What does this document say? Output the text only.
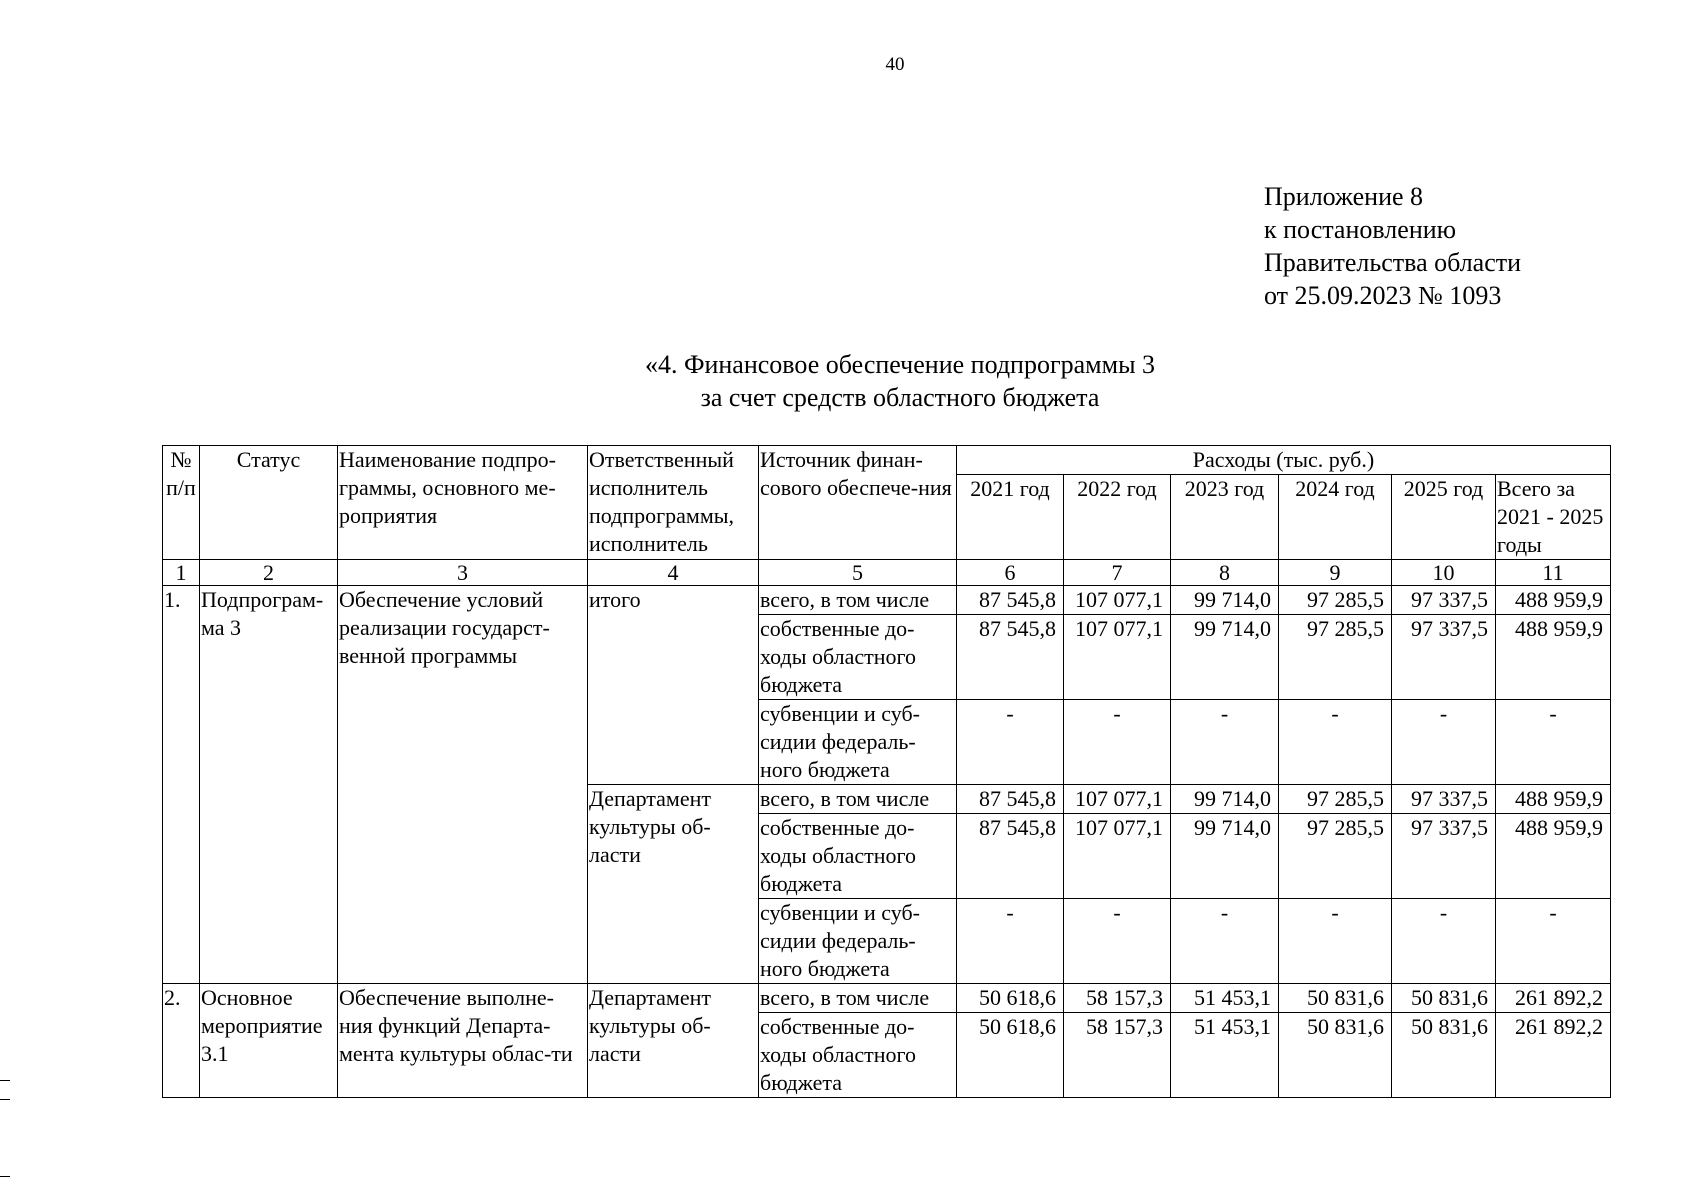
40
Приложение 8
к постановлению
Правительства области
от 25.09.2023 № 1093
«4. Финансовое обеспечение подпрограммы 3
за счет средств областного бюджета
№ п/п	Статус	Наименование подпро-граммы, основного ме-роприятия	Ответственный исполнитель подпрограммы, исполнитель	Источник финан-сового обеспече-ния	Расходы (тыс. руб.)					
					2021 год	2022 год	2023 год	2024 год	2025 год	Всего за 2021 - 2025 годы
1	2	3	4	5	6	7	8	9	10	11
1.	Подпрограм-ма 3	Обеспечение условий реализации государст-венной программы	итого	всего, в том числе	87 545,8	107 077,1	99 714,0	97 285,5	97 337,5	488 959,9
				собственные до-ходы областного бюджета	87 545,8	107 077,1	99 714,0	97 285,5	97 337,5	488 959,9
				субвенции и суб-сидии федераль-ного бюджета	-	-	-	-	-	-
			Департамент культуры об-ласти	всего, в том числе	87 545,8	107 077,1	99 714,0	97 285,5	97 337,5	488 959,9
				собственные до-ходы областного бюджета	87 545,8	107 077,1	99 714,0	97 285,5	97 337,5	488 959,9
				субвенции и суб-сидии федераль-ного бюджета	-	-	-	-	-	-
2.	Основное мероприятие 3.1	Обеспечение выполне-ния функций Департа-мента культуры облас-ти	Департамент культуры об-ласти	всего, в том числе	50 618,6	58 157,3	51 453,1	50 831,6	50 831,6	261 892,2
				собственные до-ходы областного бюджета	50 618,6	58 157,3	51 453,1	50 831,6	50 831,6	261 892,2
